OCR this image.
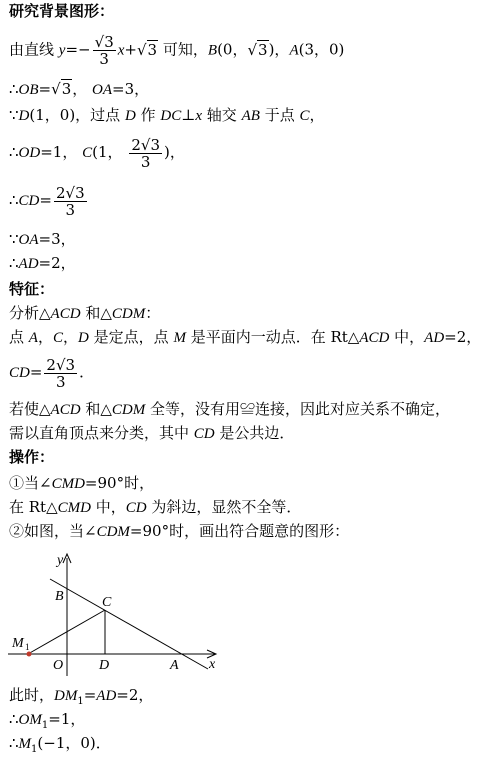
研究背景图形：
由直线 $y=- \frac{√3}{3} x+√3$ 可知，B(0，√3)，A(3，0)
∴OB=√3， OA=3，
∵D(1，0)，过点 D 作 DC⊥x 轴交 AB 于点 C，
∴OD=1， C(1， $\frac{2√3}{3}$ )，
∴CD= $\frac{2√3}{3}$
∵OA=3，
∴AD=2，
特征：
分析△ACD 和△CDM：
点 A，C，D 是定点，点 M 是平面内一动点．在 Rt△ACD 中，AD=2，
$CD= \frac{2√3}{3}$ ．
若使△ACD 和△CDM 全等，没有用≌连接，因此对应关系不确定，
需以直角顶点来分类，其中 CD 是公共边．
操作：
①当∠CMD=90°时，
在 Rt△CMD 中，CD 为斜边，显然不全等．
②如图，当∠CDM=90°时，画出符合题意的图形：
y
x
B	C
M 1
O	D	A
此时，$DM_1=AD=2$，
$\therefore OM_1=1$，
$\therefore M_1(-1$，0)．
